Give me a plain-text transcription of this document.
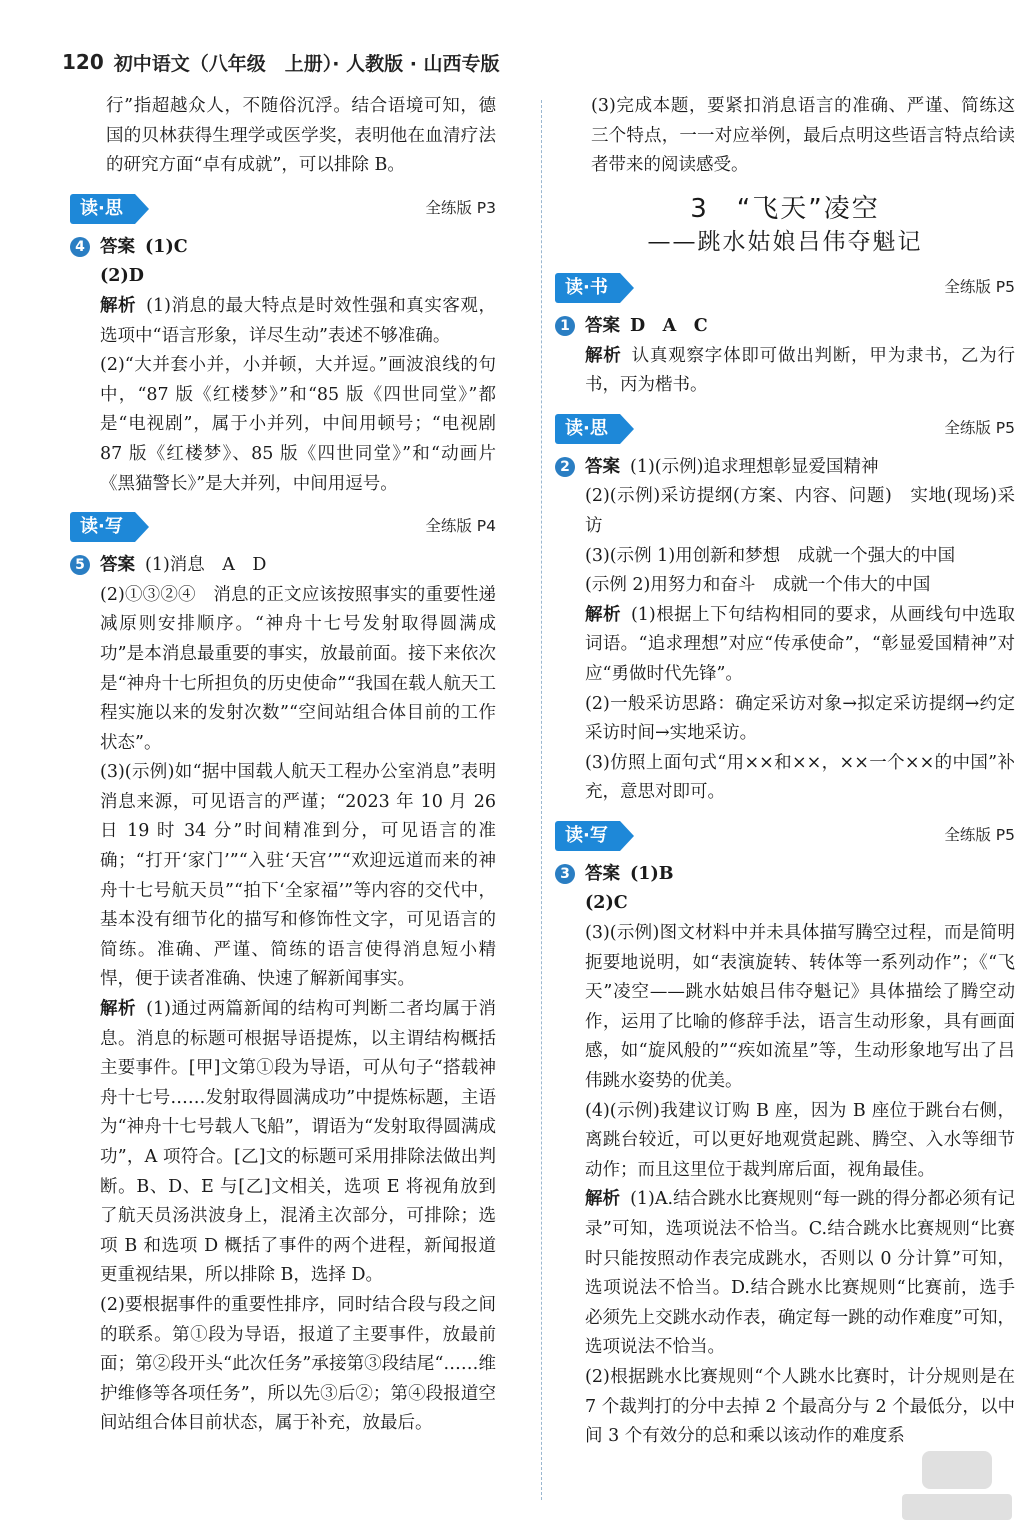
120 初中语文（八年级　上册）· 人教版 · 山西专版

行”指超越众人，不随俗沉浮。结合语境可知，德国的贝林获得生理学或医学奖，表明他在血清疗法的研究方面“卓有成就”，可以排除 B。

读·思	全练版 P3
4 答案 (1)C

(2)D

解析 (1)消息的最大特点是时效性强和真实客观，选项中“语言形象，详尽生动”表述不够准确。

(2)“大并套小并，小并顿，大并逗。”画波浪线的句中，“87 版《红楼梦》”和“85 版《四世同堂》”都是“电视剧”，属于小并列，中间用顿号；“电视剧 87 版《红楼梦》、85 版《四世同堂》”和“动画片《黑猫警长》”是大并列，中间用逗号。

读·写	全练版 P4
5 答案 (1)消息　A　D

(2)①③②④　消息的正文应该按照事实的重要性递减原则安排顺序。“神舟十七号发射取得圆满成功”是本消息最重要的事实，放最前面。接下来依次是“神舟十七所担负的历史使命”“我国在载人航天工程实施以来的发射次数”“空间站组合体目前的工作状态”。

(3)(示例)如“据中国载人航天工程办公室消息”表明消息来源，可见语言的严谨；“2023 年 10 月 26 日 19 时 34 分”时间精准到分，可见语言的准确；“打开‘家门’”“入驻‘天宫’”“欢迎远道而来的神舟十七号航天员”“拍下‘全家福’”等内容的交代中，基本没有细节化的描写和修饰性文字，可见语言的简练。准确、严谨、简练的语言使得消息短小精悍，便于读者准确、快速了解新闻事实。

解析 (1)通过两篇新闻的结构可判断二者均属于消息。消息的标题可根据导语提炼，以主谓结构概括主要事件。[甲]文第①段为导语，可从句子“搭载神舟十七号……发射取得圆满成功”中提炼标题，主语为“神舟十七号载人飞船”，谓语为“发射取得圆满成功”，A 项符合。[乙]文的标题可采用排除法做出判断。B、D、E 与[乙]文相关，选项 E 将视角放到了航天员汤洪波身上，混淆主次部分，可排除；选项 B 和选项 D 概括了事件的两个进程，新闻报道更重视结果，所以排除 B，选择 D。

(2)要根据事件的重要性排序，同时结合段与段之间的联系。第①段为导语，报道了主要事件，放最前面；第②段开头“此次任务”承接第③段结尾“……维护维修等各项任务”，所以先③后②；第④段报道空间站组合体目前状态，属于补充，放最后。

(3)完成本题，要紧扣消息语言的准确、严谨、简练这三个特点，一一对应举例，最后点明这些语言特点给读者带来的阅读感受。

3　“飞天”凌空
——跳水姑娘吕伟夺魁记
读·书	全练版 P5
1 答案 D　A　C

解析 认真观察字体即可做出判断，甲为隶书，乙为行书，丙为楷书。

读·思	全练版 P5
2 答案 (1)(示例)追求理想彰显爱国精神

(2)(示例)采访提纲(方案、内容、问题)　实地(现场)采访

(3)(示例 1)用创新和梦想　成就一个强大的中国

(示例 2)用努力和奋斗　成就一个伟大的中国

解析 (1)根据上下句结构相同的要求，从画线句中选取词语。“追求理想”对应“传承使命”，“彰显爱国精神”对应“勇做时代先锋”。

(2)一般采访思路：确定采访对象→拟定采访提纲→约定采访时间→实地采访。

(3)仿照上面句式“用××和××，××一个××的中国”补充，意思对即可。

读·写	全练版 P5
3 答案 (1)B

(2)C

(3)(示例)图文材料中并未具体描写腾空过程，而是简明扼要地说明，如“表演旋转、转体等一系列动作”；《“飞天”凌空——跳水姑娘吕伟夺魁记》具体描绘了腾空动作，运用了比喻的修辞手法，语言生动形象，具有画面感，如“旋风般的”“疾如流星”等，生动形象地写出了吕伟跳水姿势的优美。

(4)(示例)我建议订购 B 座，因为 B 座位于跳台右侧，离跳台较近，可以更好地观赏起跳、腾空、入水等细节动作；而且这里位于裁判席后面，视角最佳。

解析 (1)A.结合跳水比赛规则“每一跳的得分都必须有记录”可知，选项说法不恰当。C.结合跳水比赛规则“比赛时只能按照动作表完成跳水，否则以 0 分计算”可知，选项说法不恰当。D.结合跳水比赛规则“比赛前，选手必须先上交跳水动作表，确定每一跳的动作难度”可知，选项说法不恰当。

(2)根据跳水比赛规则“个人跳水比赛时，计分规则是在 7 个裁判打的分中去掉 2 个最高分与 2 个最低分，以中间 3 个有效分的总和乘以该动作的难度系
